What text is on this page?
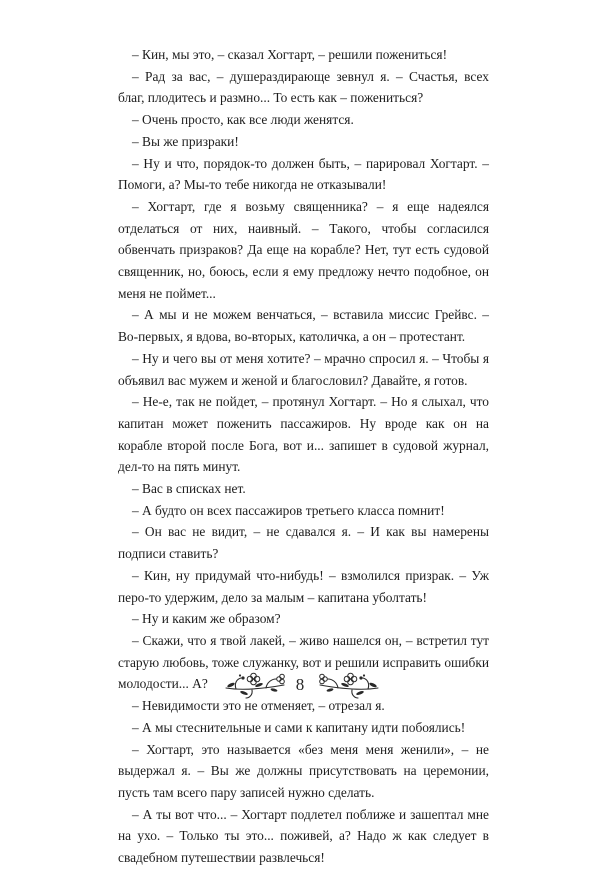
– Кин, мы это, – сказал Хогтарт, – решили пожениться!

– Рад за вас, – душераздирающе зевнул я. – Счастья, всех благ, плодитесь и размно... То есть как – пожениться?

– Очень просто, как все люди женятся.

– Вы же призраки!

– Ну и что, порядок-то должен быть, – парировал Хогтарт. – Помоги, а? Мы-то тебе никогда не отказывали!

– Хогтарт, где я возьму священника? – я еще надеялся отделаться от них, наивный. – Такого, чтобы согласился обвенчать призраков? Да еще на корабле? Нет, тут есть судовой священник, но, боюсь, если я ему предложу нечто подобное, он меня не поймет...

– А мы и не можем венчаться, – вставила миссис Грейвс. – Во-первых, я вдова, во-вторых, католичка, а он – протестант.

– Ну и чего вы от меня хотите? – мрачно спросил я. – Чтобы я объявил вас мужем и женой и благословил? Давайте, я готов.

– Не-е, так не пойдет, – протянул Хогтарт. – Но я слыхал, что капитан может поженить пассажиров. Ну вроде как он на корабле второй после Бога, вот и... запишет в судовой журнал, дел-то на пять минут.

– Вас в списках нет.

– А будто он всех пассажиров третьего класса помнит!

– Он вас не видит, – не сдавался я. – И как вы намерены подписи ставить?

– Кин, ну придумай что-нибудь! – взмолился призрак. – Уж перо-то удержим, дело за малым – капитана уболтать!

– Ну и каким же образом?

– Скажи, что я твой лакей, – живо нашелся он, – встретил тут старую любовь, тоже служанку, вот и решили исправить ошибки молодости... А?

– Невидимости это не отменяет, – отрезал я.

– А мы стеснительные и сами к капитану идти побоялись!

– Хогтарт, это называется «без меня меня женили», – не выдержал я. – Вы же должны присутствовать на церемонии, пусть там всего пару записей нужно сделать.

– А ты вот что... – Хогтарт подлетел поближе и зашептал мне на ухо. – Только ты это... поживей, а? Надо ж как следует в свадебном путешествии развлечься!

8
